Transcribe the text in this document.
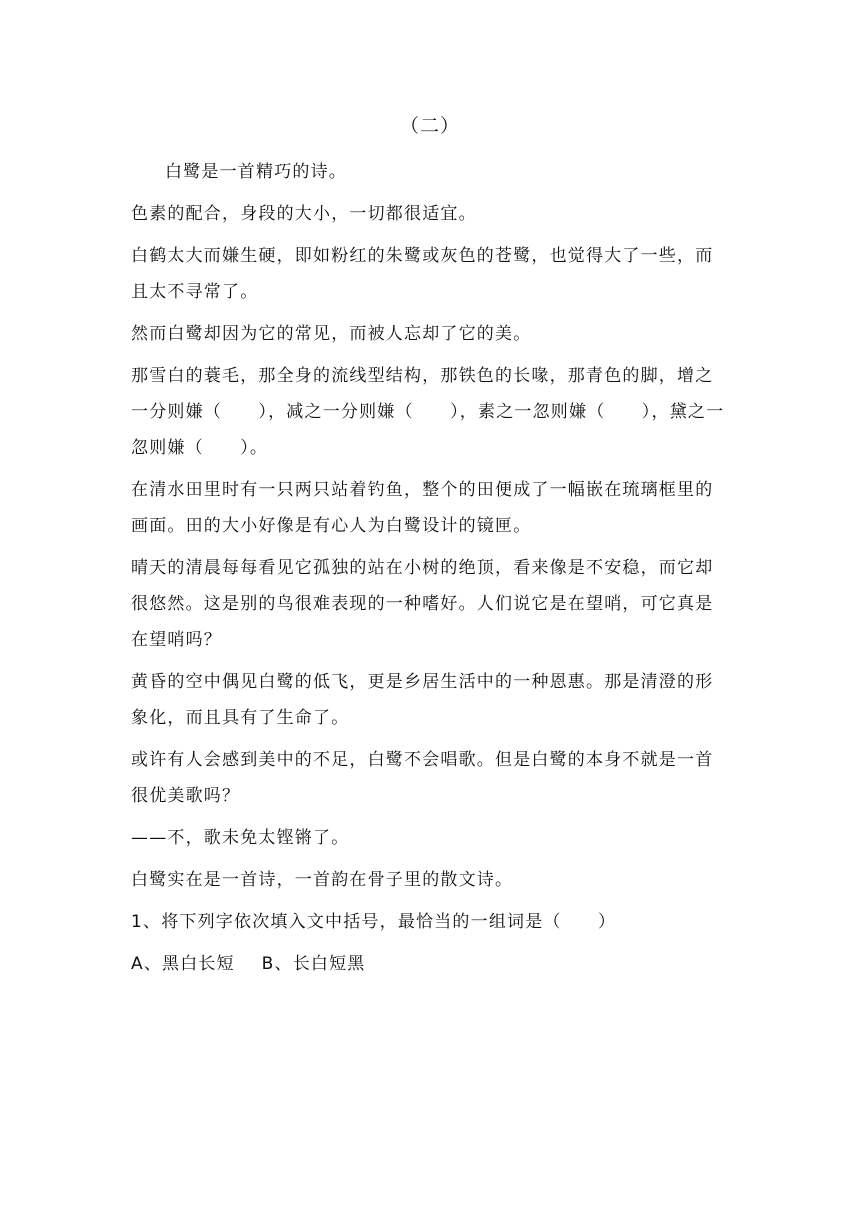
（二）

白鹭是一首精巧的诗。

色素的配合，身段的大小，一切都很适宜。

白鹤太大而嫌生硬，即如粉红的朱鹭或灰色的苍鹭，也觉得大了一些，而且太不寻常了。

然而白鹭却因为它的常见，而被人忘却了它的美。

那雪白的蓑毛，那全身的流线型结构，那铁色的长喙，那青色的脚，增之一分则嫌（　　），减之一分则嫌（　　），素之一忽则嫌（　　），黛之一忽则嫌（　　）。

在清水田里时有一只两只站着钓鱼，整个的田便成了一幅嵌在琉璃框里的画面。田的大小好像是有心人为白鹭设计的镜匣。

晴天的清晨每每看见它孤独的站在小树的绝顶，看来像是不安稳，而它却很悠然。这是别的鸟很难表现的一种嗜好。人们说它是在望哨，可它真是在望哨吗？

黄昏的空中偶见白鹭的低飞，更是乡居生活中的一种恩惠。那是清澄的形象化，而且具有了生命了。

或许有人会感到美中的不足，白鹭不会唱歌。但是白鹭的本身不就是一首很优美歌吗？

——不，歌未免太铿锵了。

白鹭实在是一首诗，一首韵在骨子里的散文诗。

1、将下列字依次填入文中括号，最恰当的一组词是（　　）

A、黑白长短　 B、长白短黑
